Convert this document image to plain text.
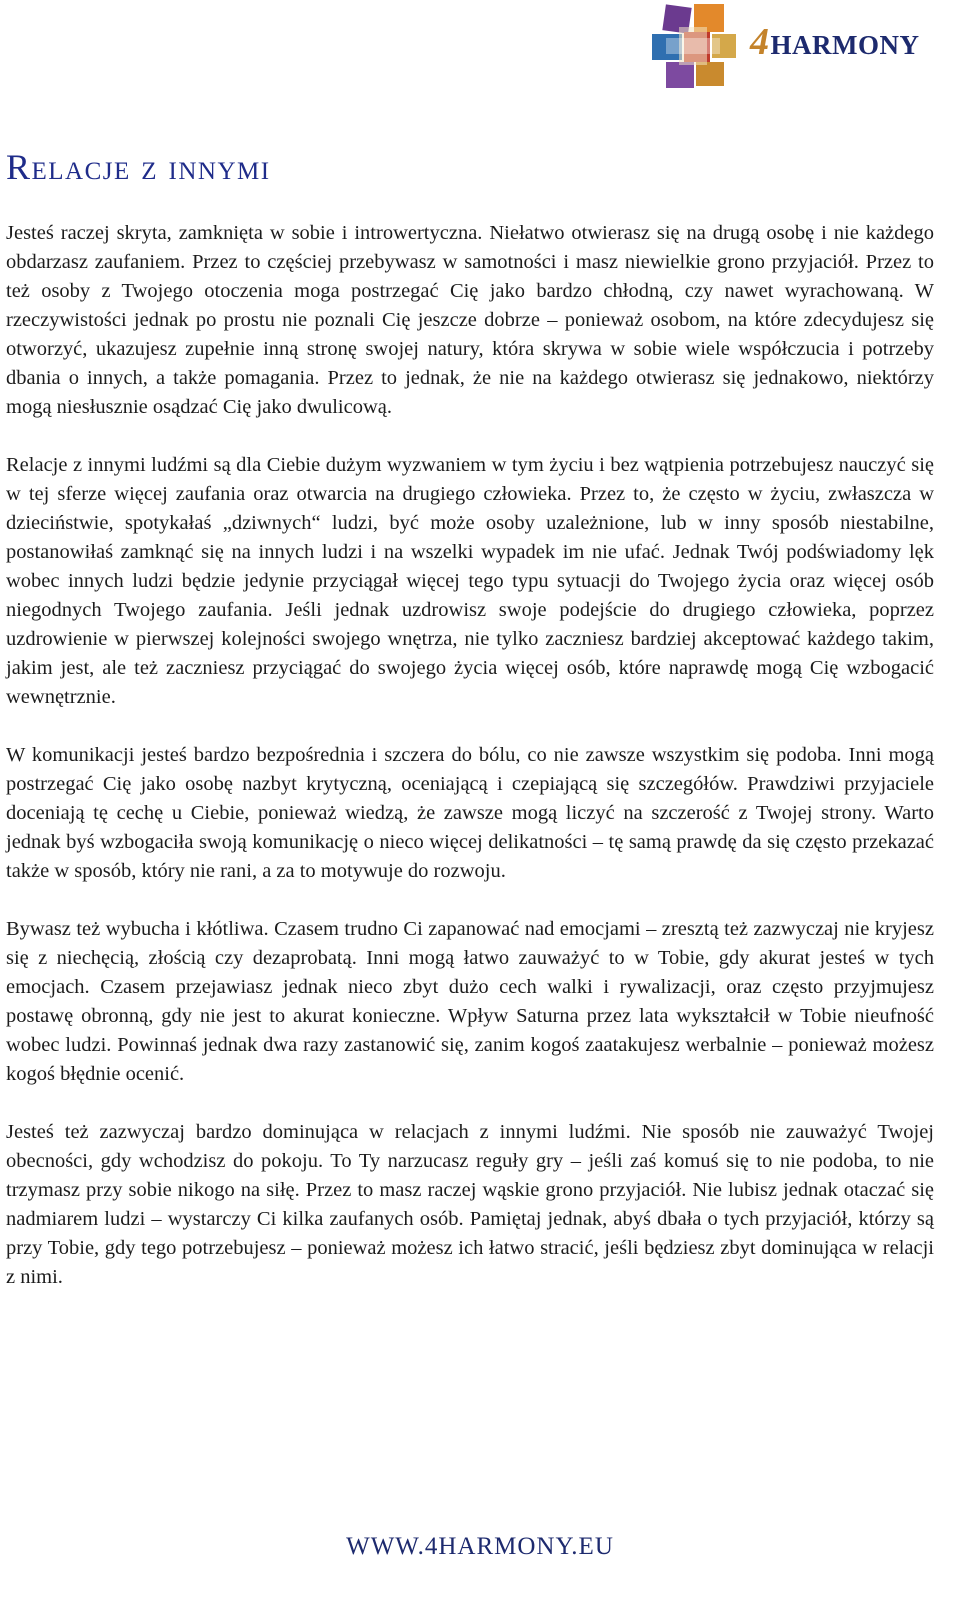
4HARMONY
Relacje z innymi

Jesteś raczej skryta, zamknięta w sobie i introwertyczna. Niełatwo otwierasz się na drugą osobę i nie każdego obdarzasz zaufaniem. Przez to częściej przebywasz w samotności i masz niewielkie grono przyjaciół. Przez to też osoby z Twojego otoczenia moga postrzegać Cię jako bardzo chłodną, czy nawet wyrachowaną. W rzeczywistości jednak po prostu nie poznali Cię jeszcze dobrze – ponieważ osobom, na które zdecydujesz się otworzyć, ukazujesz zupełnie inną stronę swojej natury, która skrywa w sobie wiele współczucia i potrzeby dbania o innych, a także pomagania. Przez to jednak, że nie na każdego otwierasz się jednakowo, niektórzy mogą niesłusznie osądzać Cię jako dwulicową.

Relacje z innymi ludźmi są dla Ciebie dużym wyzwaniem w tym życiu i bez wątpienia potrzebujesz nauczyć się w tej sferze więcej zaufania oraz otwarcia na drugiego człowieka. Przez to, że często w życiu, zwłaszcza w dzieciństwie, spotykałaś „dziwnych“ ludzi, być może osoby uzależnione, lub w inny sposób niestabilne, postanowiłaś zamknąć się na innych ludzi i na wszelki wypadek im nie ufać. Jednak Twój podświadomy lęk wobec innych ludzi będzie jedynie przyciągał więcej tego typu sytuacji do Twojego życia oraz więcej osób niegodnych Twojego zaufania. Jeśli jednak uzdrowisz swoje podejście do drugiego człowieka, poprzez uzdrowienie w pierwszej kolejności swojego wnętrza, nie tylko zaczniesz bardziej akceptować każdego takim, jakim jest, ale też zaczniesz przyciągać do swojego życia więcej osób, które naprawdę mogą Cię wzbogacić wewnętrznie.

W komunikacji jesteś bardzo bezpośrednia i szczera do bólu, co nie zawsze wszystkim się podoba. Inni mogą postrzegać Cię jako osobę nazbyt krytyczną, oceniającą i czepiającą się szczegółów. Prawdziwi przyjaciele doceniają tę cechę u Ciebie, ponieważ wiedzą, że zawsze mogą liczyć na szczerość z Twojej strony. Warto jednak byś wzbogaciła swoją komunikację o nieco więcej delikatności – tę samą prawdę da się często przekazać także w sposób, który nie rani, a za to motywuje do rozwoju.

Bywasz też wybucha i kłótliwa. Czasem trudno Ci zapanować nad emocjami – zresztą też zazwyczaj nie kryjesz się z niechęcią, złością czy dezaprobatą. Inni mogą łatwo zauważyć to w Tobie, gdy akurat jesteś w tych emocjach. Czasem przejawiasz jednak nieco zbyt dużo cech walki i rywalizacji, oraz często przyjmujesz postawę obronną, gdy nie jest to akurat konieczne. Wpływ Saturna przez lata wykształcił w Tobie nieufność wobec ludzi. Powinnaś jednak dwa razy zastanowić się, zanim kogoś zaatakujesz werbalnie – ponieważ możesz kogoś błędnie ocenić.

Jesteś też zazwyczaj bardzo dominująca w relacjach z innymi ludźmi. Nie sposób nie zauważyć Twojej obecności, gdy wchodzisz do pokoju. To Ty narzucasz reguły gry – jeśli zaś komuś się to nie podoba, to nie trzymasz przy sobie nikogo na siłę. Przez to masz raczej wąskie grono przyjaciół. Nie lubisz jednak otaczać się nadmiarem ludzi – wystarczy Ci kilka zaufanych osób. Pamiętaj jednak, abyś dbała o tych przyjaciół, którzy są przy Tobie, gdy tego potrzebujesz – ponieważ możesz ich łatwo stracić, jeśli będziesz zbyt dominująca w relacji z nimi.

WWW.4HARMONY.EU
